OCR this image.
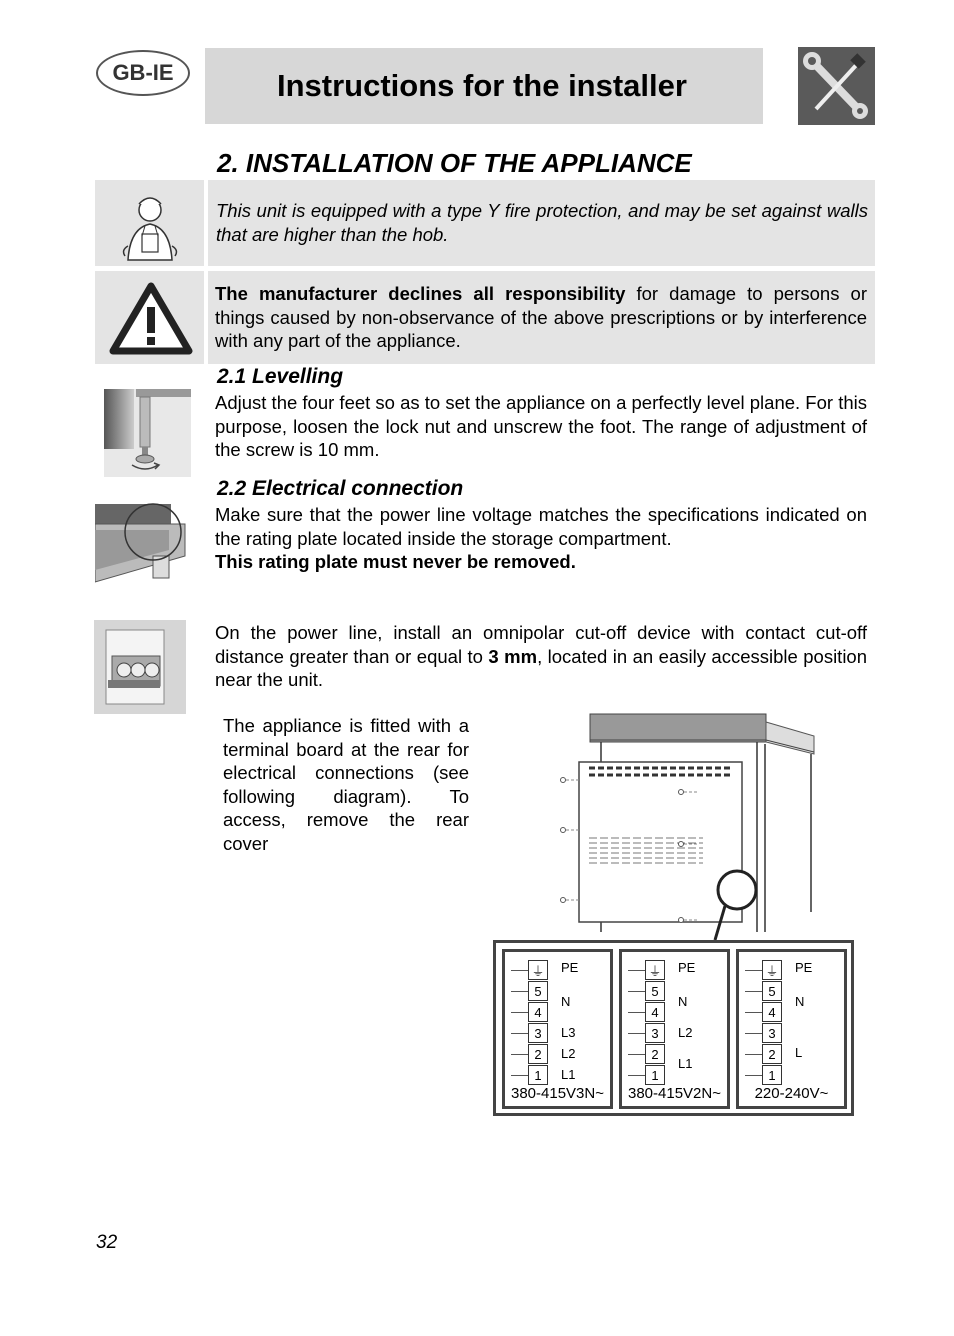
GB-IE	Instructions for the installer
2. INSTALLATION OF THE APPLIANCE
This unit is equipped with a type Y fire protection, and may be set against walls that are higher than the hob.
The manufacturer declines all responsibility for damage to persons or things caused by non-observance of the above prescriptions or by interference with any part of the appliance.
2.1 Levelling
Adjust the four feet so as to set the appliance on a perfectly level plane. For this purpose, loosen the lock nut and unscrew the foot. The range of adjustment of the screw is 10 mm.
2.2 Electrical connection
Make sure that the power line voltage matches the specifications indicated on the rating plate located inside the storage compartment.
This rating plate must never be removed.
On the power line, install an omnipolar cut-off device with contact cut-off distance greater than or equal to 3 mm, located in an easily accessible position near the unit.
The appliance is fitted with a terminal board at the rear for electrical connections (see following diagram). To access, remove the rear cover
⏚
5
4
3
2
1
PE
N
L3
L2
L1
380-415V3N~
⏚
5
4
3
2
1
PE
N
L2
L1
380-415V2N~
⏚
5
4
3
2
1
PE
N
L
220-240V~
32
